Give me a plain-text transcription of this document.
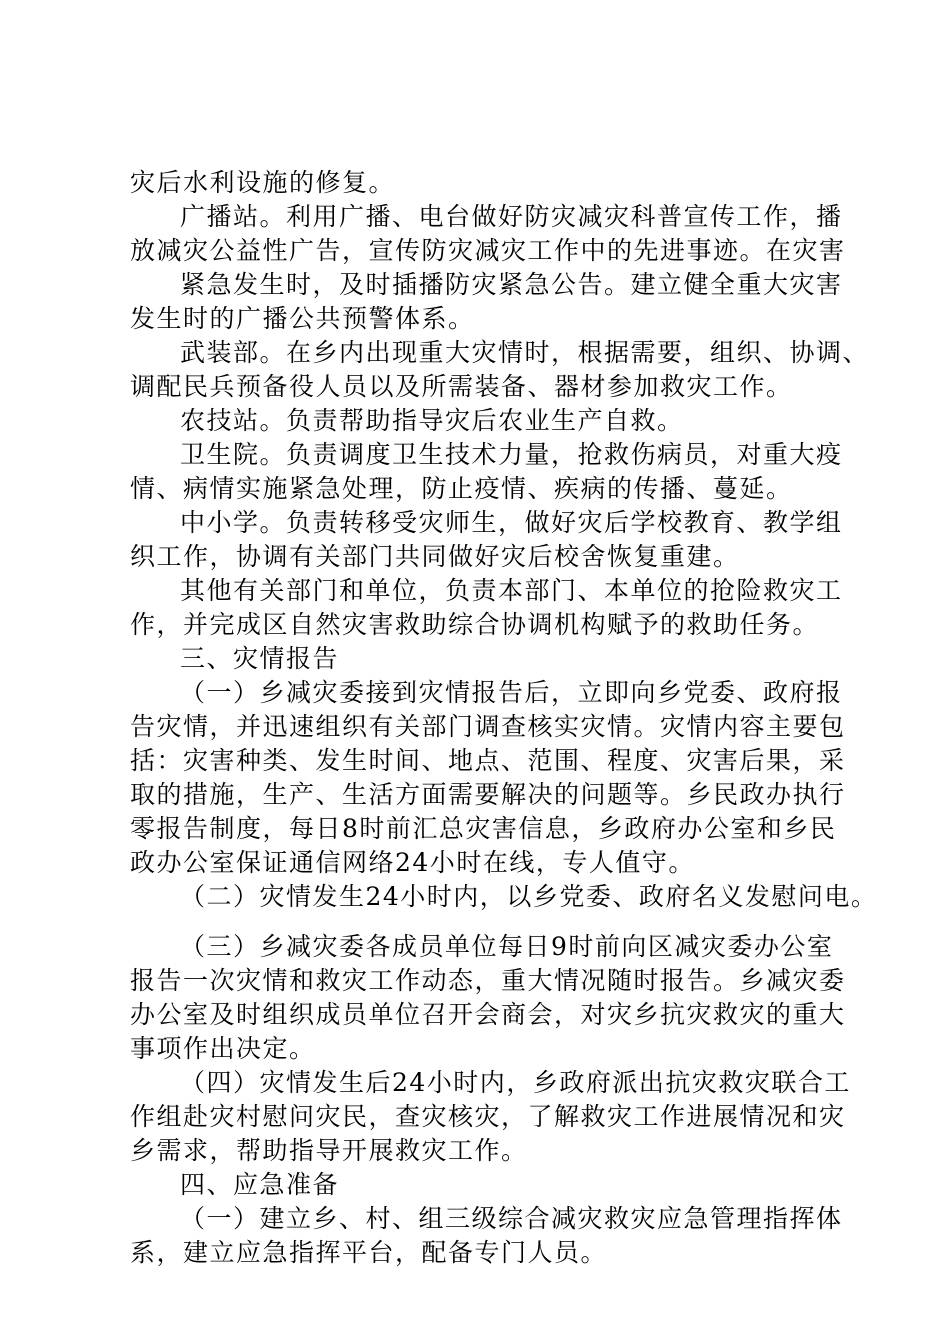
灾后水利设施的修复。
广播站。利用广播、电台做好防灾减灾科普宣传工作，播
放减灾公益性广告，宣传防灾减灾工作中的先进事迹。在灾害
紧急发生时，及时插播防灾紧急公告。建立健全重大灾害
发生时的广播公共预警体系。
武装部。在乡内出现重大灾情时，根据需要，组织、协调、
调配民兵预备役人员以及所需装备、器材参加救灾工作。
农技站。负责帮助指导灾后农业生产自救。
卫生院。负责调度卫生技术力量，抢救伤病员，对重大疫
情、病情实施紧急处理，防止疫情、疾病的传播、蔓延。
中小学。负责转移受灾师生，做好灾后学校教育、教学组
织工作，协调有关部门共同做好灾后校舍恢复重建。
其他有关部门和单位，负责本部门、本单位的抢险救灾工
作，并完成区自然灾害救助综合协调机构赋予的救助任务。
三、灾情报告
（一）乡减灾委接到灾情报告后，立即向乡党委、政府报
告灾情，并迅速组织有关部门调查核实灾情。灾情内容主要包
括：灾害种类、发生时间、地点、范围、程度、灾害后果，采
取的措施，生产、生活方面需要解决的问题等。乡民政办执行
零报告制度，每日8时前汇总灾害信息，乡政府办公室和乡民
政办公室保证通信网络24小时在线，专人值守。
（二）灾情发生24小时内，以乡党委、政府名义发慰问电。
（三）乡减灾委各成员单位每日9时前向区减灾委办公室
报告一次灾情和救灾工作动态，重大情况随时报告。乡减灾委
办公室及时组织成员单位召开会商会，对灾乡抗灾救灾的重大
事项作出决定。
（四）灾情发生后24小时内，乡政府派出抗灾救灾联合工
作组赴灾村慰问灾民，查灾核灾，了解救灾工作进展情况和灾
乡需求，帮助指导开展救灾工作。
四、应急准备
（一）建立乡、村、组三级综合减灾救灾应急管理指挥体
系，建立应急指挥平台，配备专门人员。
